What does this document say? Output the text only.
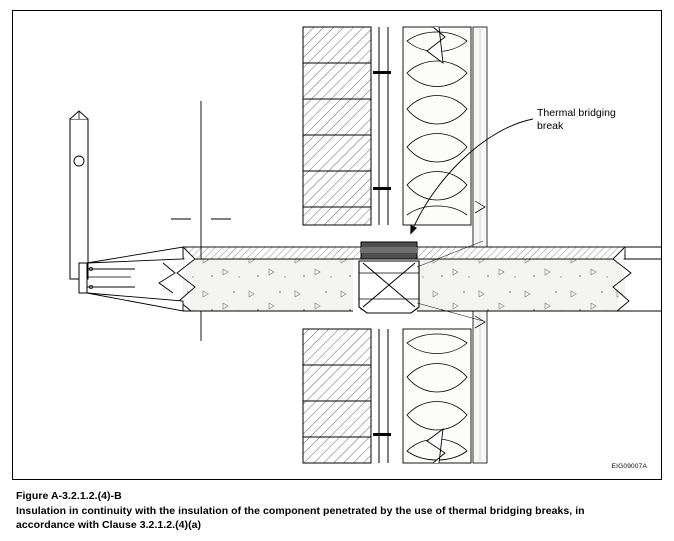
Thermal bridging
break
EIG09007A
Figure A-3.2.1.2.(4)-B
Insulation in continuity with the insulation of the component penetrated by the use of thermal bridging breaks, in
accordance with Clause 3.2.1.2.(4)(a)
